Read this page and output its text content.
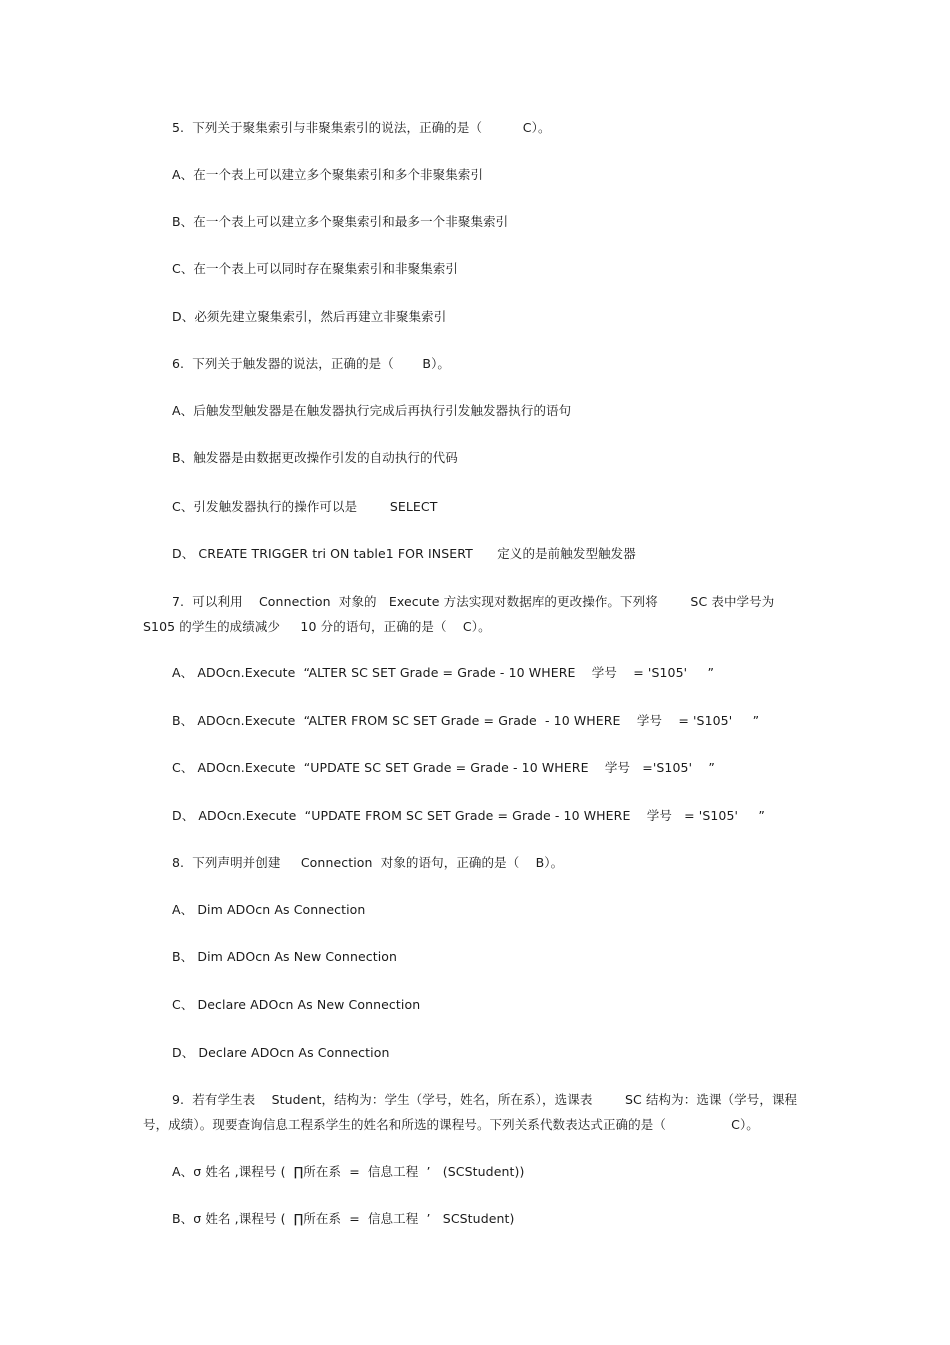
5.  下列关于聚集索引与非聚集索引的说法，正确的是（          C）。
A、在一个表上可以建立多个聚集索引和多个非聚集索引
B、在一个表上可以建立多个聚集索引和最多一个非聚集索引
C、在一个表上可以同时存在聚集索引和非聚集索引
D、必须先建立聚集索引，然后再建立非聚集索引
6.  下列关于触发器的说法，正确的是（       B）。
A、后触发型触发器是在触发器执行完成后再执行引发触发器执行的语句
B、触发器是由数据更改操作引发的自动执行的代码
C、引发触发器执行的操作可以是        SELECT
D、 CREATE TRIGGER tri ON table1 FOR INSERT      定义的是前触发型触发器
7.  可以利用    Connection  对象的   Execute 方法实现对数据库的更改操作。下列将        SC 表中学号为   S105 的学生的成绩减少     10 分的语句，正确的是（    C）。
A、 ADOcn.Execute  “ALTER SC SET Grade = Grade - 10 WHERE    学号    = 'S105'     ”
B、 ADOcn.Execute  “ALTER FROM SC SET Grade = Grade  - 10 WHERE    学号    = 'S105'     ”
C、 ADOcn.Execute  “UPDATE SC SET Grade = Grade - 10 WHERE    学号   ='S105'    ”
D、 ADOcn.Execute  “UPDATE FROM SC SET Grade = Grade - 10 WHERE    学号   = 'S105'     ”
8.  下列声明并创建     Connection  对象的语句，正确的是（    B）。
A、 Dim ADOcn As Connection
B、 Dim ADOcn As New Connection
C、 Declare ADOcn As New Connection
D、 Declare ADOcn As Connection
9.  若有学生表    Student，结构为：学生（学号，姓名，所在系），选课表        SC 结构为：选课（学号，课程号，成绩）。现要查询信息工程系学生的姓名和所选的课程号。下列关系代数表达式正确的是（                C）。
A、σ 姓名 ,课程号 (  ∏所在系  =  信息工程  ’   (SCStudent))
B、σ 姓名 ,课程号 (  ∏所在系  =  信息工程  ’   SCStudent)
